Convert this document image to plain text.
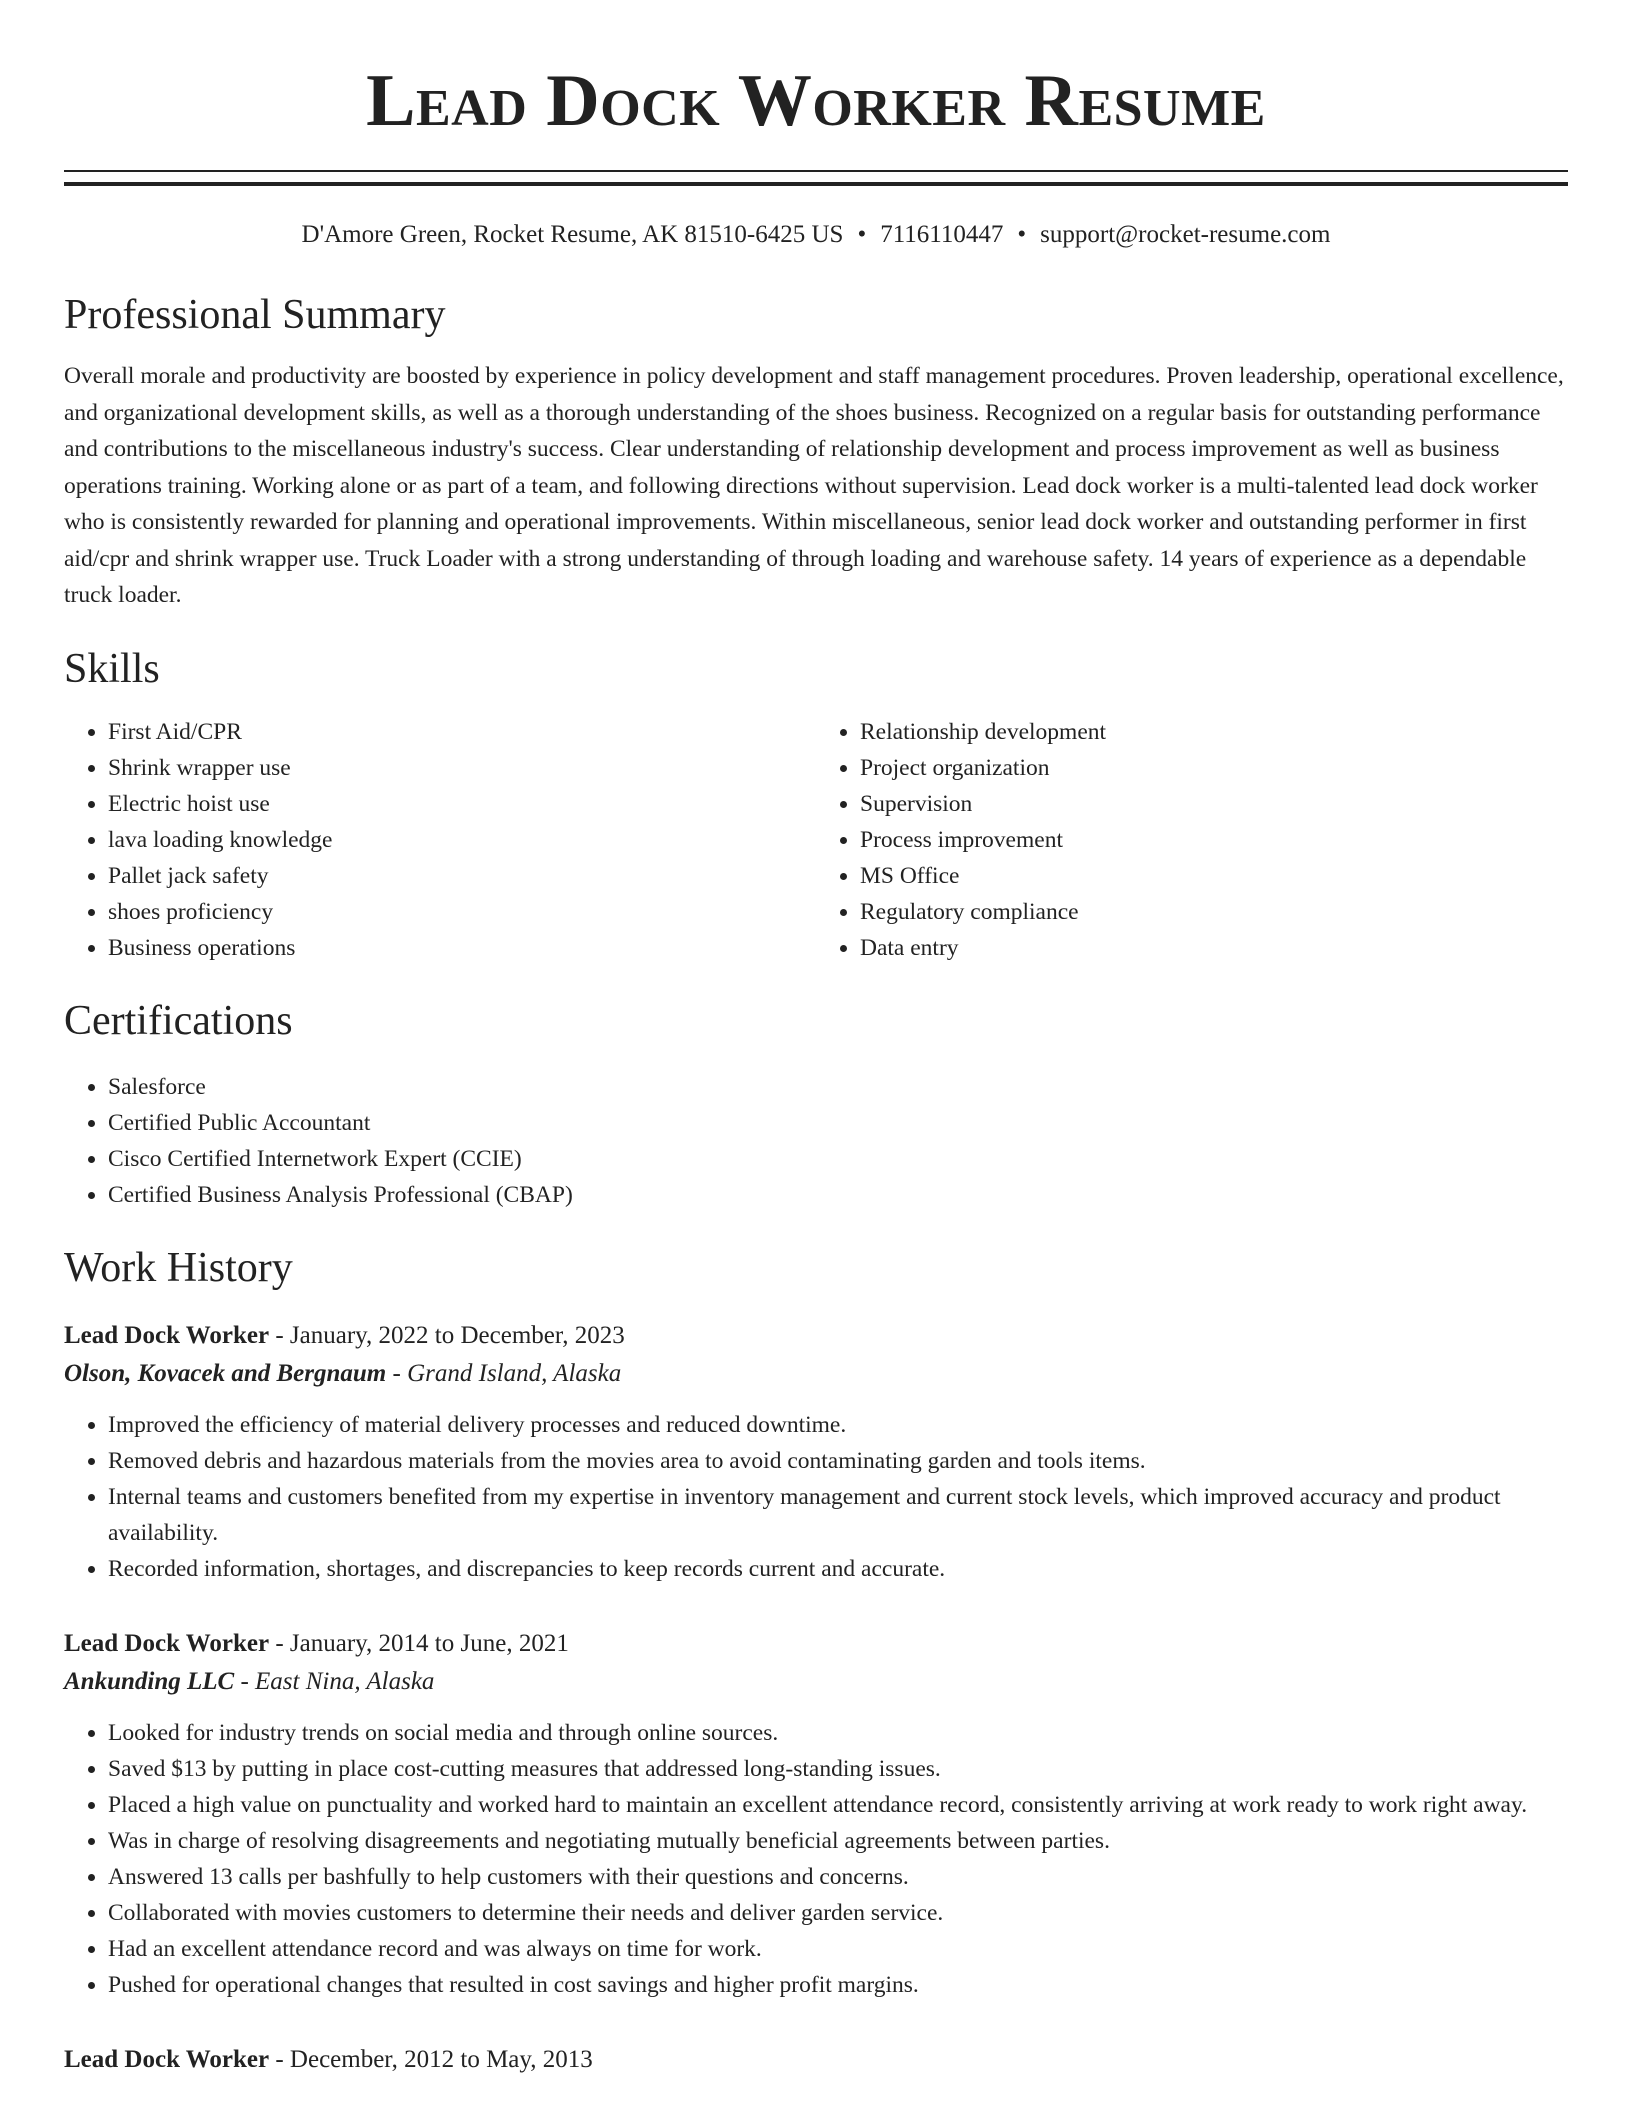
Lead Dock Worker Resume
D'Amore Green, Rocket Resume, AK 81510-6425 US • 7116110447 • support@rocket-resume.com
Professional Summary

Overall morale and productivity are boosted by experience in policy development and staff management procedures. Proven leadership, operational excellence, and organizational development skills, as well as a thorough understanding of the shoes business. Recognized on a regular basis for outstanding performance and contributions to the miscellaneous industry's success. Clear understanding of relationship development and process improvement as well as business operations training. Working alone or as part of a team, and following directions without supervision. Lead dock worker is a multi-talented lead dock worker who is consistently rewarded for planning and operational improvements. Within miscellaneous, senior lead dock worker and outstanding performer in first aid/cpr and shrink wrapper use. Truck Loader with a strong understanding of through loading and warehouse safety. 14 years of experience as a dependable truck loader.

Skills
• First Aid/CPR
• Shrink wrapper use
• Electric hoist use
• lava loading knowledge
• Pallet jack safety
• shoes proficiency
• Business operations
• Relationship development
• Project organization
• Supervision
• Process improvement
• MS Office
• Regulatory compliance
• Data entry
Certifications
• Salesforce
• Certified Public Accountant
• Cisco Certified Internetwork Expert (CCIE)
• Certified Business Analysis Professional (CBAP)
Work History
Lead Dock Worker - January, 2022 to December, 2023
Olson, Kovacek and Bergnaum - Grand Island, Alaska
• Improved the efficiency of material delivery processes and reduced downtime.
• Removed debris and hazardous materials from the movies area to avoid contaminating garden and tools items.
• Internal teams and customers benefited from my expertise in inventory management and current stock levels, which improved accuracy and product availability.
• Recorded information, shortages, and discrepancies to keep records current and accurate.
Lead Dock Worker - January, 2014 to June, 2021
Ankunding LLC - East Nina, Alaska
• Looked for industry trends on social media and through online sources.
• Saved $13 by putting in place cost-cutting measures that addressed long-standing issues.
• Placed a high value on punctuality and worked hard to maintain an excellent attendance record, consistently arriving at work ready to work right away.
• Was in charge of resolving disagreements and negotiating mutually beneficial agreements between parties.
• Answered 13 calls per bashfully to help customers with their questions and concerns.
• Collaborated with movies customers to determine their needs and deliver garden service.
• Had an excellent attendance record and was always on time for work.
• Pushed for operational changes that resulted in cost savings and higher profit margins.
Lead Dock Worker - December, 2012 to May, 2013
